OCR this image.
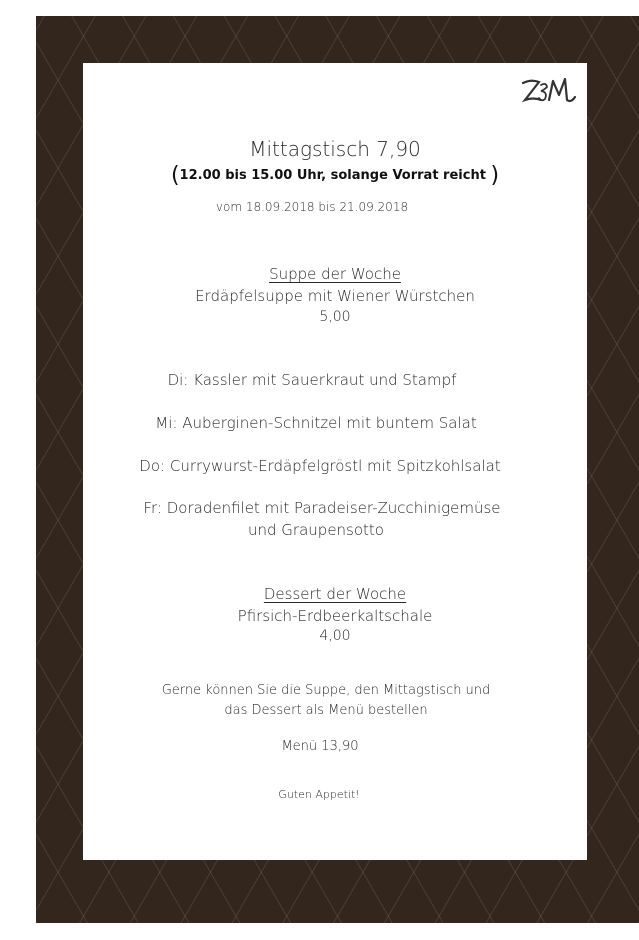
Mittagstisch 7,90
(12.00 bis 15.00 Uhr, solange Vorrat reicht )
vom 18.09.2018 bis 21.09.2018
Suppe der Woche
Erdäpfelsuppe mit Wiener Würstchen
5,00
Di: Kassler mit Sauerkraut und Stampf
Mi: Auberginen-Schnitzel mit buntem Salat
Do: Currywurst-Erdäpfelgröstl mit Spitzkohlsalat
Fr: Doradenfilet mit Paradeiser-Zucchinigemüse
und Graupensotto
Dessert der Woche
Pfirsich-Erdbeerkaltschale
4,00
Gerne können Sie die Suppe, den Mittagstisch und
das Dessert als Menü bestellen
Menü 13,90
Guten Appetit!
